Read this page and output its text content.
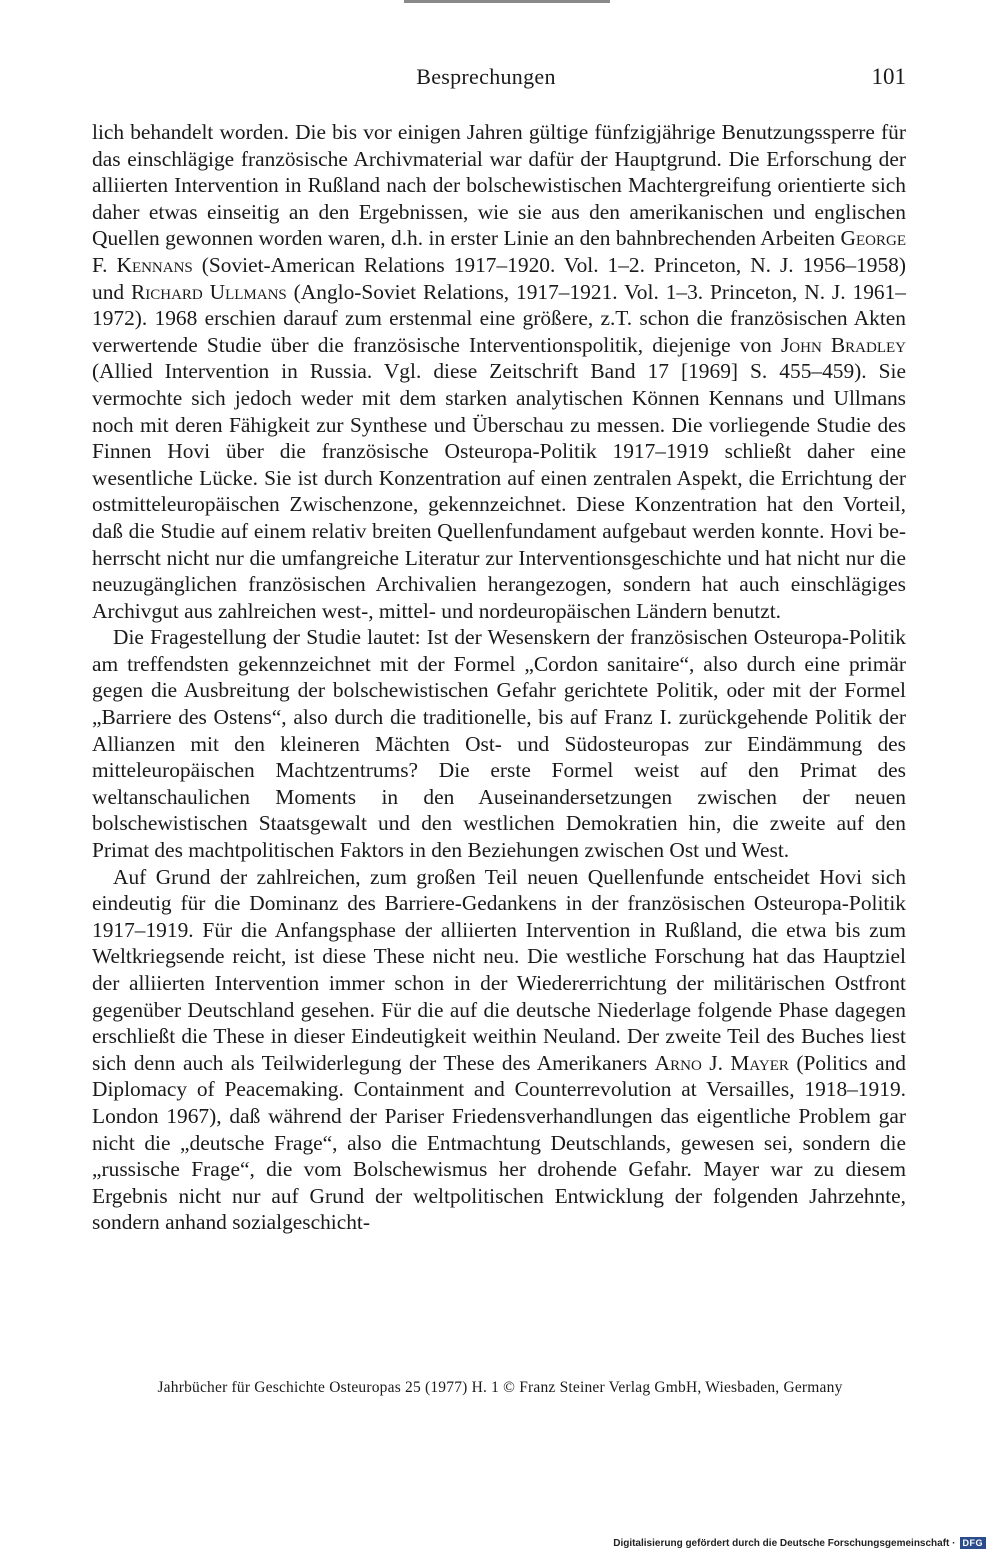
Besprechungen	101

lich behandelt worden. Die bis vor einigen Jahren gültige fünfzigjährige Benutzungssperre für das einschlägige französische Archivmaterial war dafür der Hauptgrund. Die Erforschung der alliierten Intervention in Rußland nach der bolschewistischen Machtergreifung orientierte sich daher etwas einseitig an den Ergebnissen, wie sie aus den amerikanischen und englischen Quellen gewonnen worden waren, d.h. in erster Linie an den bahnbrechenden Arbeiten George F. Kennans (Soviet-American Relations 1917–1920. Vol. 1–2. Princeton, N. J. 1956–1958) und Richard Ullmans (Anglo-Soviet Relations, 1917–1921. Vol. 1–3. Princeton, N. J. 1961–1972). 1968 erschien darauf zum erstenmal eine größere, z.T. schon die französischen Akten verwertende Studie über die französische Interventionspolitik, diejenige von John Bradley (Allied Intervention in Russia. Vgl. diese Zeitschrift Band 17 [1969] S. 455–459). Sie vermochte sich jedoch weder mit dem starken analytischen Können Kennans und Ullmans noch mit deren Fähigkeit zur Synthese und Überschau zu messen. Die vorliegende Studie des Finnen Hovi über die französische Osteuropa-Politik 1917–1919 schließt daher eine wesentliche Lücke. Sie ist durch Konzentration auf einen zentralen Aspekt, die Errichtung der ostmitteleuropäischen Zwischenzone, gekennzeichnet. Diese Konzentration hat den Vorteil, daß die Studie auf einem relativ breiten Quellenfundament aufgebaut werden konnte. Hovi beherrscht nicht nur die umfangreiche Literatur zur Interventionsgeschichte und hat nicht nur die neuzugänglichen französischen Archivalien herangezogen, sondern hat auch einschlägiges Archivgut aus zahlreichen west-, mittel- und nordeuropäischen Ländern benutzt.

Die Fragestellung der Studie lautet: Ist der Wesenskern der französischen Osteuropa-Politik am treffendsten gekennzeichnet mit der Formel „Cordon sanitaire“, also durch eine primär gegen die Ausbreitung der bolschewistischen Gefahr gerichtete Politik, oder mit der Formel „Barriere des Ostens“, also durch die traditionelle, bis auf Franz I. zurückgehende Politik der Allianzen mit den kleineren Mächten Ost- und Südosteuropas zur Eindämmung des mitteleuropäischen Machtzentrums? Die erste Formel weist auf den Primat des weltanschaulichen Moments in den Auseinandersetzungen zwischen der neuen bolschewistischen Staatsgewalt und den westlichen Demokratien hin, die zweite auf den Primat des machtpolitischen Faktors in den Beziehungen zwischen Ost und West.

Auf Grund der zahlreichen, zum großen Teil neuen Quellenfunde entscheidet Hovi sich eindeutig für die Dominanz des Barriere-Gedankens in der französischen Osteuropa-Politik 1917–1919. Für die Anfangsphase der alliierten Intervention in Rußland, die etwa bis zum Weltkriegsende reicht, ist diese These nicht neu. Die westliche Forschung hat das Hauptziel der alliierten Intervention immer schon in der Wiedererrichtung der militärischen Ostfront gegenüber Deutschland gesehen. Für die auf die deutsche Niederlage folgende Phase dagegen erschließt die These in dieser Eindeutigkeit weithin Neuland. Der zweite Teil des Buches liest sich denn auch als Teilwiderlegung der These des Amerikaners Arno J. Mayer (Politics and Diplomacy of Peacemaking. Containment and Counterrevolution at Versailles, 1918–1919. London 1967), daß während der Pariser Friedensverhandlungen das eigentliche Problem gar nicht die „deutsche Frage“, also die Entmachtung Deutschlands, gewesen sei, sondern die „russische Frage“, die vom Bolschewismus her drohende Gefahr. Mayer war zu diesem Ergebnis nicht nur auf Grund der weltpolitischen Entwicklung der folgenden Jahrzehnte, sondern anhand sozialgeschicht-

Jahrbücher für Geschichte Osteuropas 25 (1977) H. 1 © Franz Steiner Verlag GmbH, Wiesbaden, Germany
Digitalisierung gefördert durch die Deutsche Forschungsgemeinschaft · DFG
